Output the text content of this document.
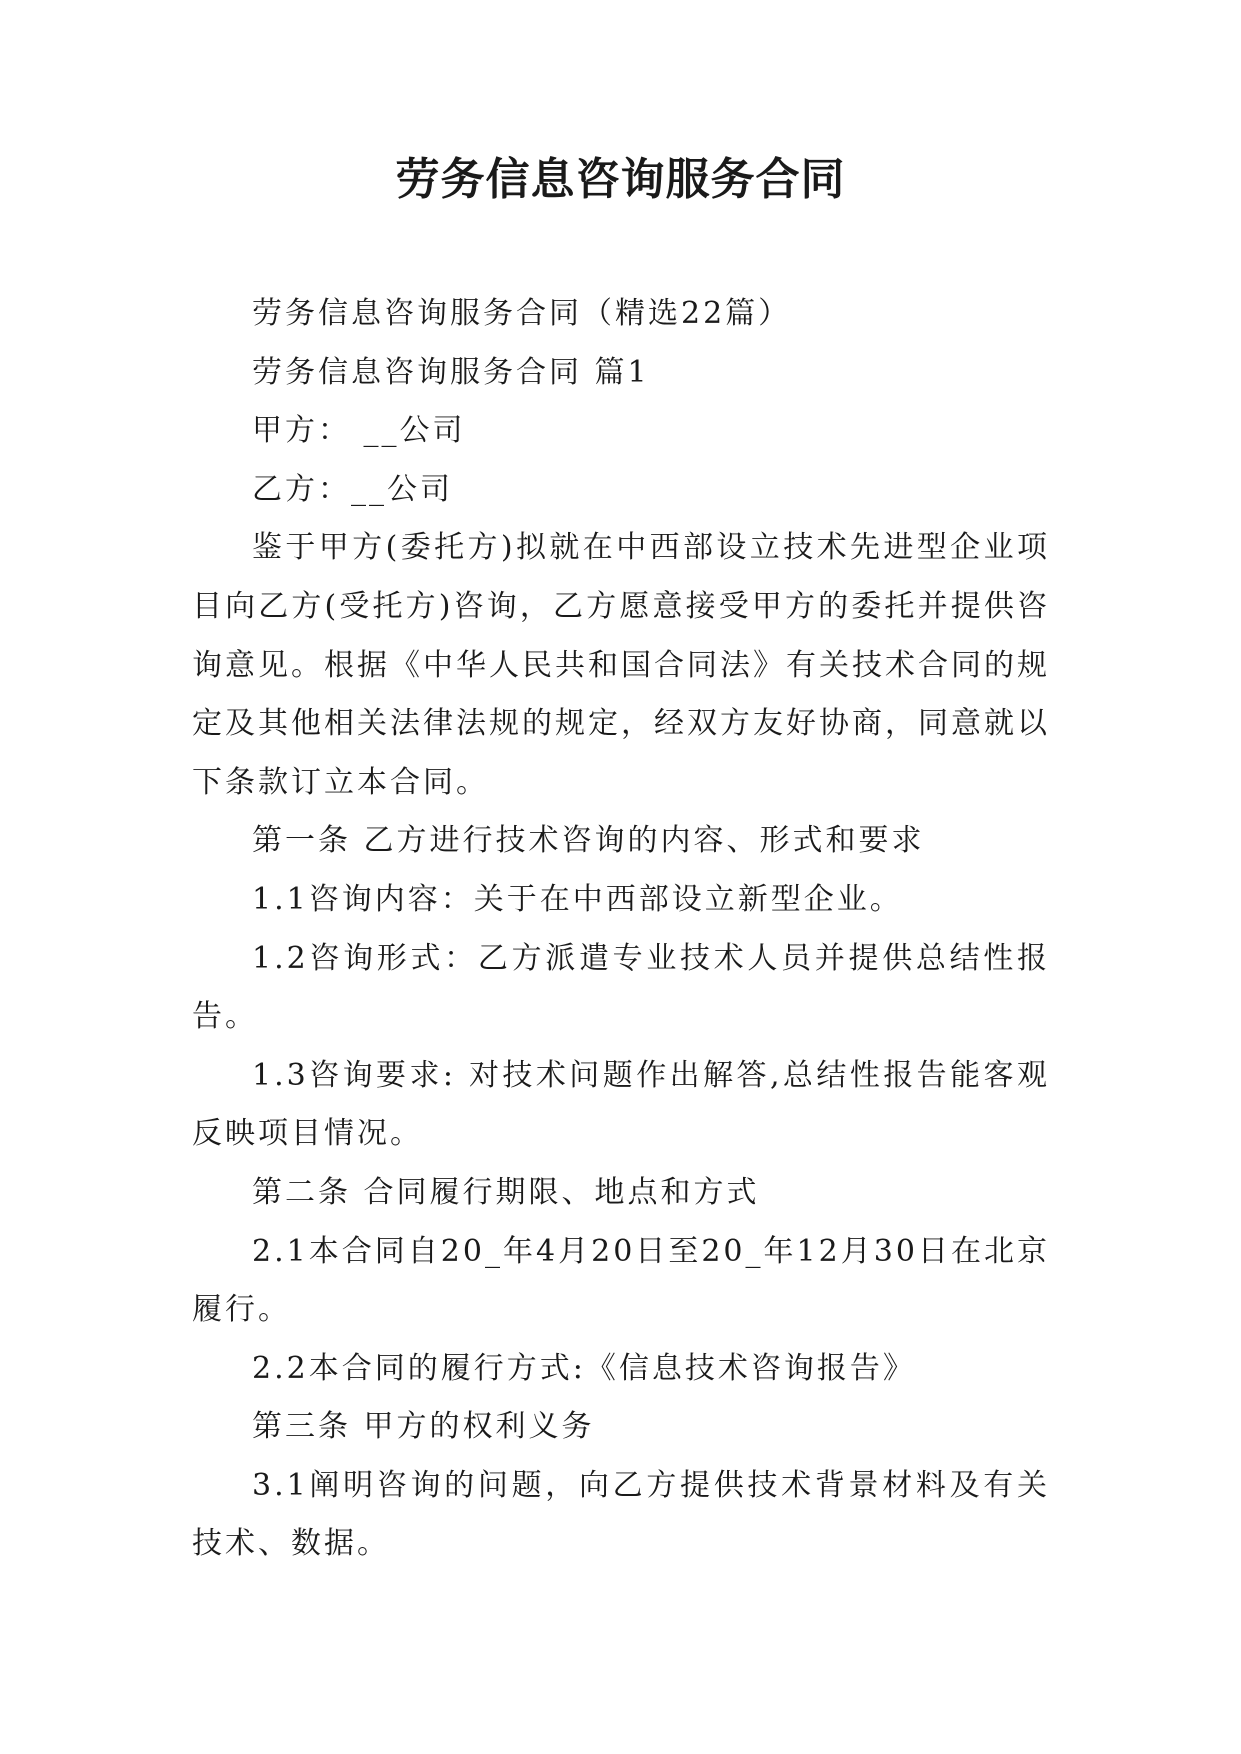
劳务信息咨询服务合同

劳务信息咨询服务合同（精选22篇）

劳务信息咨询服务合同 篇1

甲方： __公司

乙方：__公司

鉴于甲方(委托方)拟就在中西部设立技术先进型企业项目向乙方(受托方)咨询，乙方愿意接受甲方的委托并提供咨询意见。根据《中华人民共和国合同法》有关技术合同的规定及其他相关法律法规的规定，经双方友好协商，同意就以下条款订立本合同。

第一条 乙方进行技术咨询的内容、形式和要求

1.1咨询内容：关于在中西部设立新型企业。

1.2咨询形式：乙方派遣专业技术人员并提供总结性报告。

1.3咨询要求: 对技术问题作出解答,总结性报告能客观反映项目情况。

第二条 合同履行期限、地点和方式

2.1本合同自20_年4月20日至20_年12月30日在北京履行。

2.2本合同的履行方式:《信息技术咨询报告》

第三条 甲方的权利义务

3.1阐明咨询的问题，向乙方提供技术背景材料及有关技术、数据。
